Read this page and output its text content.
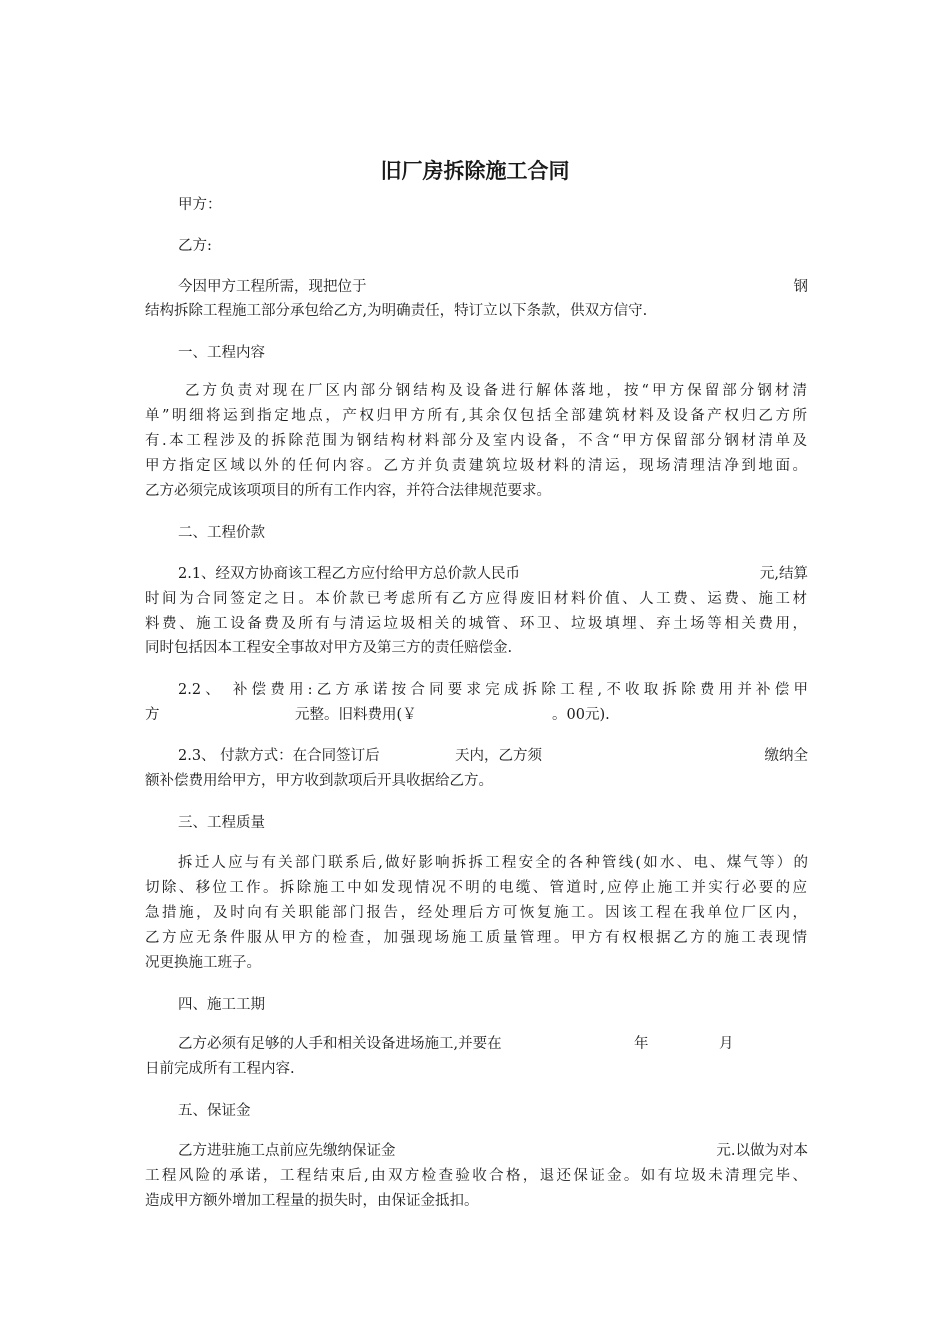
旧厂房拆除施工合同
甲方：
乙方:
今因甲方工程所需，现把位于	钢
结构拆除工程施工部分承包给乙方,为明确责任，特订立以下条款，供双方信守.
一、工程内容
乙方负责对现在厂区内部分钢结构及设备进行解体落地，按“甲方保留部分钢材清
单”明细将运到指定地点，产权归甲方所有,其余仅包括全部建筑材料及设备产权归乙方所
有.本工程涉及的拆除范围为钢结构材料部分及室内设备，不含“甲方保留部分钢材清单及
甲方指定区域以外的任何内容。乙方并负责建筑垃圾材料的清运，现场清理洁净到地面。
乙方必须完成该项项目的所有工作内容，并符合法律规范要求。
二、工程价款
2.1、经双方协商该工程乙方应付给甲方总价款人民币	元,结算
时间为合同签定之日。本价款已考虑所有乙方应得废旧材料价值、人工费、运费、施工材
料费、施工设备费及所有与清运垃圾相关的城管、环卫、垃圾填埋、弃土场等相关费用，
同时包括因本工程安全事故对甲方及第三方的责任赔偿金.
2.2、 补偿费用:乙方承诺按合同要求完成拆除工程,不收取拆除费用并补偿甲
方	元整。旧料费用(￥	。00元).
2.3、 付款方式：在合同签订后	天内，乙方须	缴纳全
额补偿费用给甲方，甲方收到款项后开具收据给乙方。
三、工程质量
拆迁人应与有关部门联系后,做好影响拆拆工程安全的各种管线(如水、电、煤气等）的
切除、移位工作。拆除施工中如发现情况不明的电缆、管道时,应停止施工并实行必要的应
急措施，及时向有关职能部门报告，经处理后方可恢复施工。因该工程在我单位厂区内，
乙方应无条件服从甲方的检查，加强现场施工质量管理。甲方有权根据乙方的施工表现情
况更换施工班子。
四、施工工期
乙方必须有足够的人手和相关设备进场施工,并要在	年	月
日前完成所有工程内容.
五、保证金
乙方进驻施工点前应先缴纳保证金	元.以做为对本
工程风险的承诺，工程结束后,由双方检查验收合格，退还保证金。如有垃圾未清理完毕、
造成甲方额外增加工程量的损失时，由保证金抵扣。
